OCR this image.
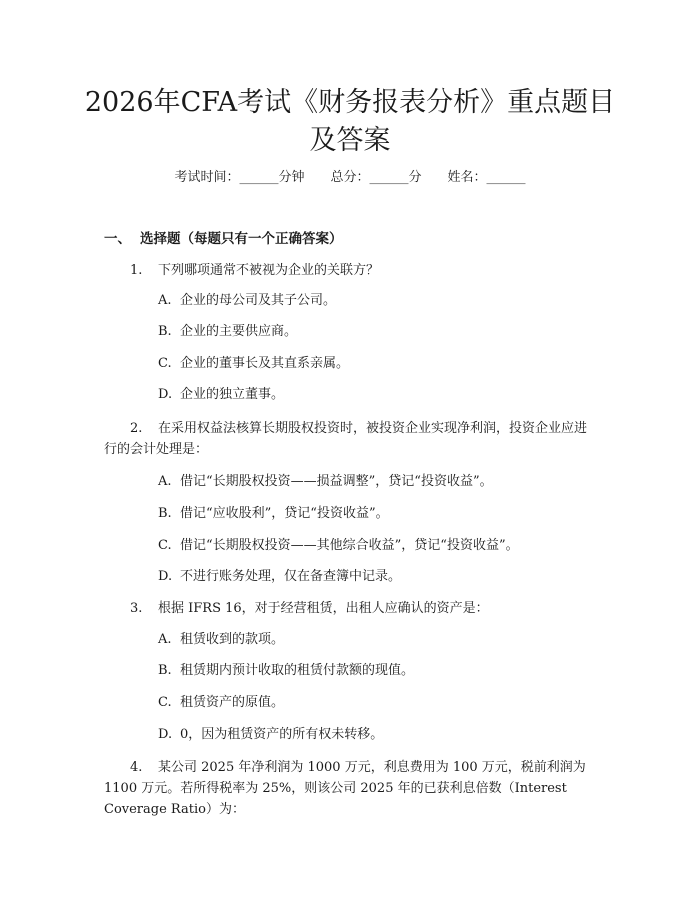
2026年CFA考试《财务报表分析》重点题目及答案
考试时间：______分钟 总分：______分 姓名：______
一、 选择题（每题只有一个正确答案）
1. 下列哪项通常不被视为企业的关联方？
A. 企业的母公司及其子公司。
B. 企业的主要供应商。
C. 企业的董事长及其直系亲属。
D. 企业的独立董事。
2. 在采用权益法核算长期股权投资时，被投资企业实现净利润，投资企业应进行的会计处理是：
A. 借记“长期股权投资——损益调整”，贷记“投资收益”。
B. 借记“应收股利”，贷记“投资收益”。
C. 借记“长期股权投资——其他综合收益”，贷记“投资收益”。
D. 不进行账务处理，仅在备查簿中记录。
3. 根据 IFRS 16，对于经营租赁，出租人应确认的资产是：
A. 租赁收到的款项。
B. 租赁期内预计收取的租赁付款额的现值。
C. 租赁资产的原值。
D. 0，因为租赁资产的所有权未转移。
4. 某公司 2025 年净利润为 1000 万元，利息费用为 100 万元，税前利润为 1100 万元。若所得税率为 25%，则该公司 2025 年的已获利息倍数（Interest Coverage Ratio）为：
